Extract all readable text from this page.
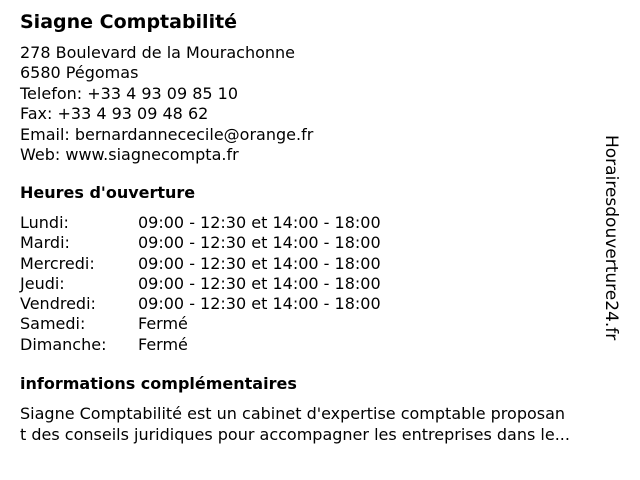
Siagne Comptabilité
278 Boulevard de la Mourachonne
6580 Pégomas
Telefon: +33 4 93 09 85 10
Fax: +33 4 93 09 48 62
Email: bernardannececile@orange.fr
Web: www.siagnecompta.fr
Heures d'ouverture
Lundi:	09:00 - 12:30 et 14:00 - 18:00
Mardi:	09:00 - 12:30 et 14:00 - 18:00
Mercredi:	09:00 - 12:30 et 14:00 - 18:00
Jeudi:	09:00 - 12:30 et 14:00 - 18:00
Vendredi:	09:00 - 12:30 et 14:00 - 18:00
Samedi:	Fermé
Dimanche:	Fermé
informations complémentaires
Siagne Comptabilité est un cabinet d'expertise comptable proposan
t des conseils juridiques pour accompagner les entreprises dans le...
Horairesdouverture24.fr
